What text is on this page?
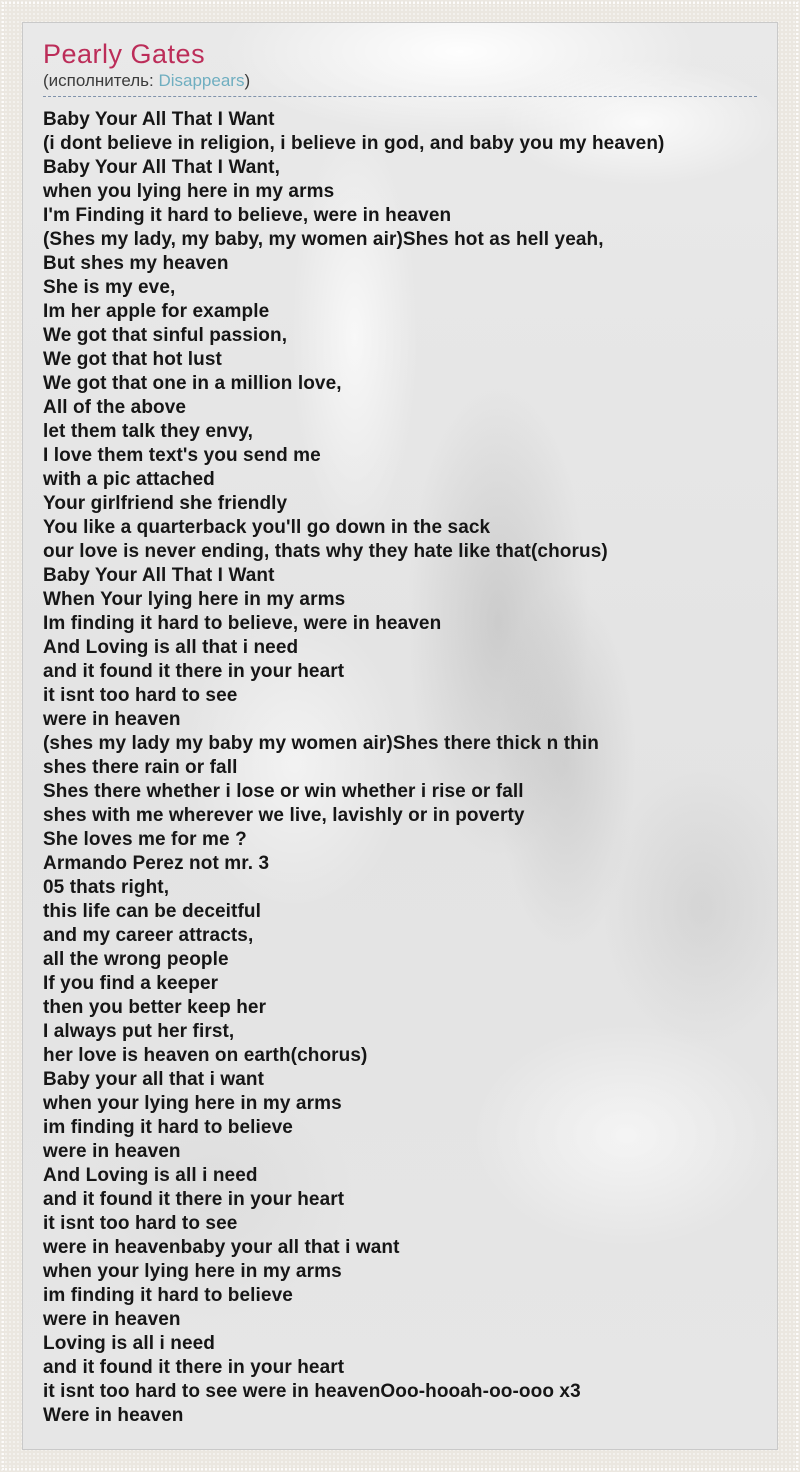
Pearly Gates
(исполнитель: Disappears)
Baby Your All That I Want
(i dont believe in religion, i believe in god, and baby you my heaven)
Baby Your All That I Want,
when you lying here in my arms
I'm Finding it hard to believe, were in heaven
(Shes my lady, my baby, my women air)Shes hot as hell yeah,
But shes my heaven
She is my eve,
Im her apple for example
We got that sinful passion,
We got that hot lust
We got that one in a million love,
All of the above
let them talk they envy,
I love them text's you send me
with a pic attached
Your girlfriend she friendly
You like a quarterback you'll go down in the sack
our love is never ending, thats why they hate like that(chorus)
Baby Your All That I Want
When Your lying here in my arms
Im finding it hard to believe, were in heaven
And Loving is all that i need
and it found it there in your heart
it isnt too hard to see
were in heaven
(shes my lady my baby my women air)Shes there thick n thin
shes there rain or fall
Shes there whether i lose or win whether i rise or fall
shes with me wherever we live, lavishly or in poverty
She loves me for me ?
Armando Perez not mr. 3
05 thats right,
this life can be deceitful
and my career attracts,
all the wrong people
If you find a keeper
then you better keep her
I always put her first,
her love is heaven on earth(chorus)
Baby your all that i want
when your lying here in my arms
im finding it hard to believe
were in heaven
And Loving is all i need
and it found it there in your heart
it isnt too hard to see
were in heavenbaby your all that i want
when your lying here in my arms
im finding it hard to believe
were in heaven
Loving is all i need
and it found it there in your heart
it isnt too hard to see were in heavenOoo-hooah-oo-ooo x3
Were in heaven
